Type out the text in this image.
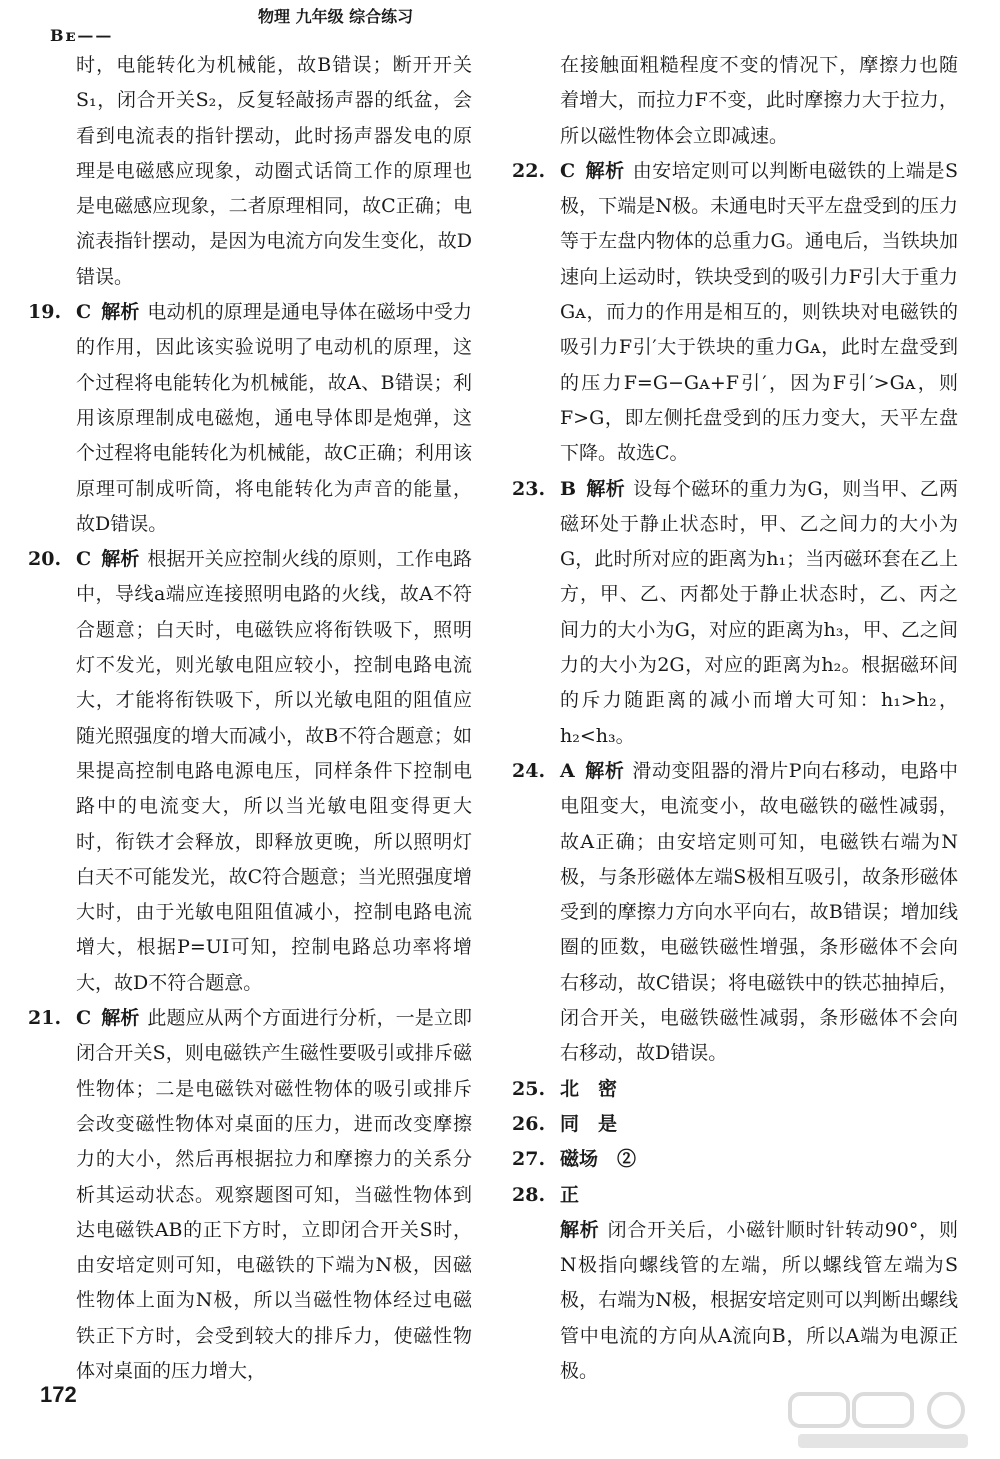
Bᴇ——
物理 九年级 综合练习

时，电能转化为机械能，故B错误；断开开关S₁，闭合开关S₂，反复轻敲扬声器的纸盆，会看到电流表的指针摆动，此时扬声器发电的原理是电磁感应现象，动圈式话筒工作的原理也是电磁感应现象，二者原理相同，故C正确；电流表指针摆动，是因为电流方向发生变化，故D错误。

19. C 解析 电动机的原理是通电导体在磁场中受力的作用，因此该实验说明了电动机的原理，这个过程将电能转化为机械能，故A、B错误；利用该原理制成电磁炮，通电导体即是炮弹，这个过程将电能转化为机械能，故C正确；利用该原理可制成听筒，将电能转化为声音的能量，故D错误。

20. C 解析 根据开关应控制火线的原则，工作电路中，导线a端应连接照明电路的火线，故A不符合题意；白天时，电磁铁应将衔铁吸下，照明灯不发光，则光敏电阻应较小，控制电路电流大，才能将衔铁吸下，所以光敏电阻的阻值应随光照强度的增大而减小，故B不符合题意；如果提高控制电路电源电压，同样条件下控制电路中的电流变大，所以当光敏电阻变得更大时，衔铁才会释放，即释放更晚，所以照明灯白天不可能发光，故C符合题意；当光照强度增大时，由于光敏电阻阻值减小，控制电路电流增大，根据P=UI可知，控制电路总功率将增大，故D不符合题意。

21. C 解析 此题应从两个方面进行分析，一是立即闭合开关S，则电磁铁产生磁性要吸引或排斥磁性物体；二是电磁铁对磁性物体的吸引或排斥会改变磁性物体对桌面的压力，进而改变摩擦力的大小，然后再根据拉力和摩擦力的关系分析其运动状态。观察题图可知，当磁性物体到达电磁铁AB的正下方时，立即闭合开关S时，由安培定则可知，电磁铁的下端为N极，因磁性物体上面为N极，所以当磁性物体经过电磁铁正下方时，会受到较大的排斥力，使磁性物体对桌面的压力增大，

在接触面粗糙程度不变的情况下，摩擦力也随着增大，而拉力F不变，此时摩擦力大于拉力，所以磁性物体会立即减速。

22. C 解析 由安培定则可以判断电磁铁的上端是S极，下端是N极。未通电时天平左盘受到的压力等于左盘内物体的总重力G。通电后，当铁块加速向上运动时，铁块受到的吸引力F引大于重力Gᴀ，而力的作用是相互的，则铁块对电磁铁的吸引力F引′大于铁块的重力Gᴀ，此时左盘受到的压力F=G−Gᴀ+F引′，因为F引′>Gᴀ，则F>G，即左侧托盘受到的压力变大，天平左盘下降。故选C。

23. B 解析 设每个磁环的重力为G，则当甲、乙两磁环处于静止状态时，甲、乙之间力的大小为G，此时所对应的距离为h₁；当丙磁环套在乙上方，甲、乙、丙都处于静止状态时，乙、丙之间力的大小为G，对应的距离为h₃，甲、乙之间力的大小为2G，对应的距离为h₂。根据磁环间的斥力随距离的减小而增大可知：h₁>h₂，h₂<h₃。

24. A 解析 滑动变阻器的滑片P向右移动，电路中电阻变大，电流变小，故电磁铁的磁性减弱，故A正确；由安培定则可知，电磁铁右端为N极，与条形磁体左端S极相互吸引，故条形磁体受到的摩擦力方向水平向右，故B错误；增加线圈的匝数，电磁铁磁性增强，条形磁体不会向右移动，故C错误；将电磁铁中的铁芯抽掉后，闭合开关，电磁铁磁性减弱，条形磁体不会向右移动，故D错误。

25. 北　密

26. 同　是

27. 磁场　②

28. 正

解析 闭合开关后，小磁针顺时针转动90°，则N极指向螺线管的左端，所以螺线管左端为S极，右端为N极，根据安培定则可以判断出螺线管中电流的方向从A流向B，所以A端为电源正极。

172
